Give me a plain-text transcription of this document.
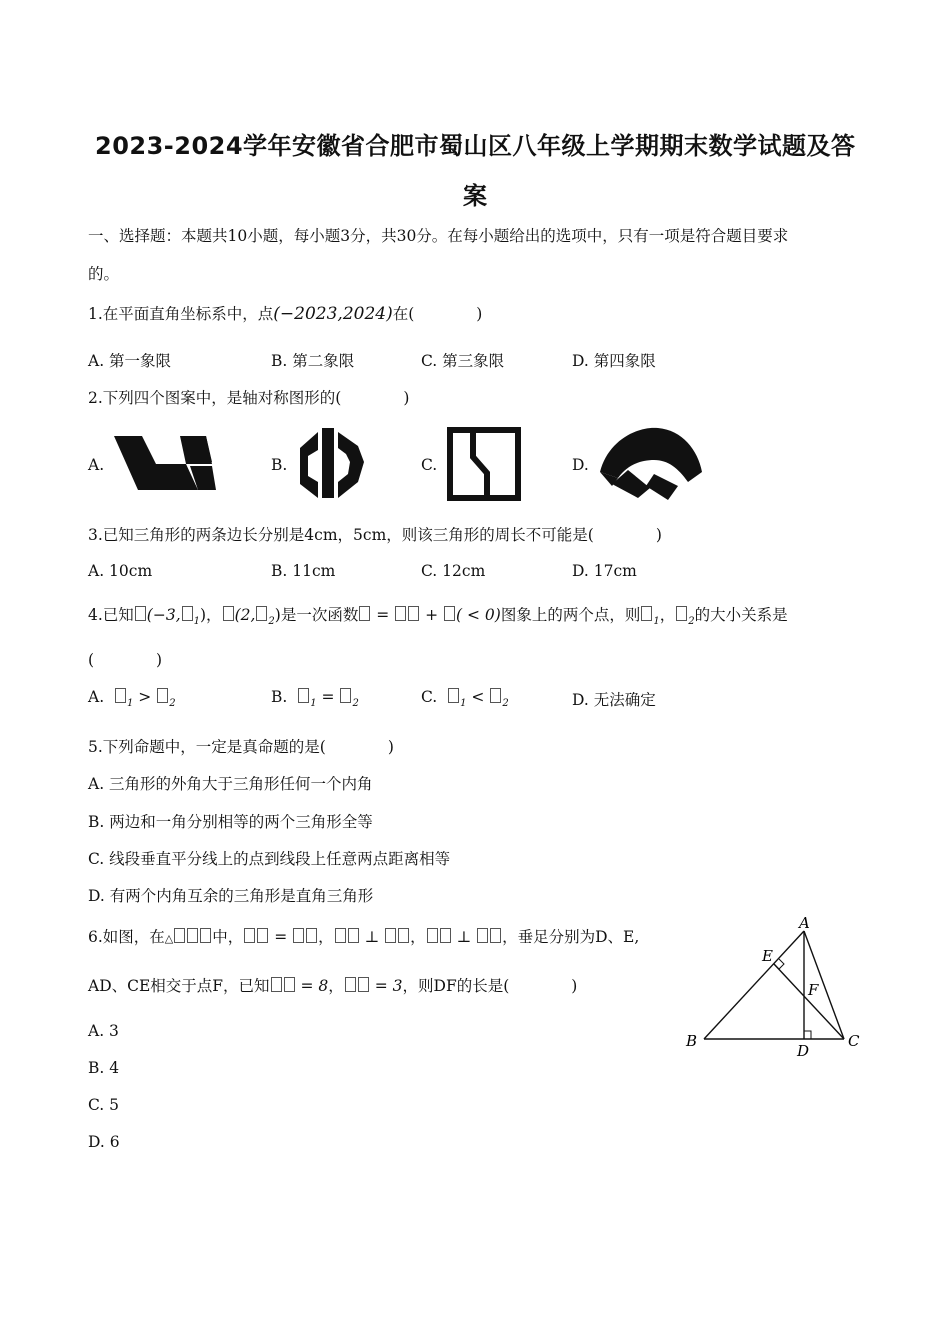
2023-2024学年安徽省合肥市蜀山区八年级上学期期末数学试题及答
案
一、选择题：本题共10小题，每小题3分，共30分。在每小题给出的选项中，只有一项是符合题目要求
的。
1.在平面直角坐标系中，点(−2023,2024)在(　　　　)
A. 第一象限	B. 第二象限	C. 第三象限	D. 第四象限
2.下列四个图案中，是轴对称图形的(　　　　)
A.	B.	C.	D.
3.已知三角形的两条边长分别是4cm，5cm，则该三角形的周长不可能是(　　　　)
A. 10cm	B. 11cm	C. 12cm	D. 17cm
4.已知 (−3, $_1$)， (2, $_2$)是一次函数 =  + ( < 0)图象上的两个点，则 $_1$， $_2$的大小关系是
(　　　　)
A. $_1$ > $_2$	B. $_1$ = $_2$	C. $_1$ < $_2$	D. 无法确定
5.下列命题中，一定是真命题的是(　　　　)
A. 三角形的外角大于三角形任何一个内角
B. 两边和一角分别相等的两个三角形全等
C. 线段垂直平分线上的点到线段上任意两点距离相等
D. 有两个内角互余的三角形是直角三角形
6.如图，在△	中， = ， ⊥ ， ⊥ ，垂足分别为D、E,
AD、CE相交于点F，已知 = 8， = 3，则DF的长是(　　　　)
A. 3
B. 4
C. 5
D. 6
A
E
F
B
D
C
